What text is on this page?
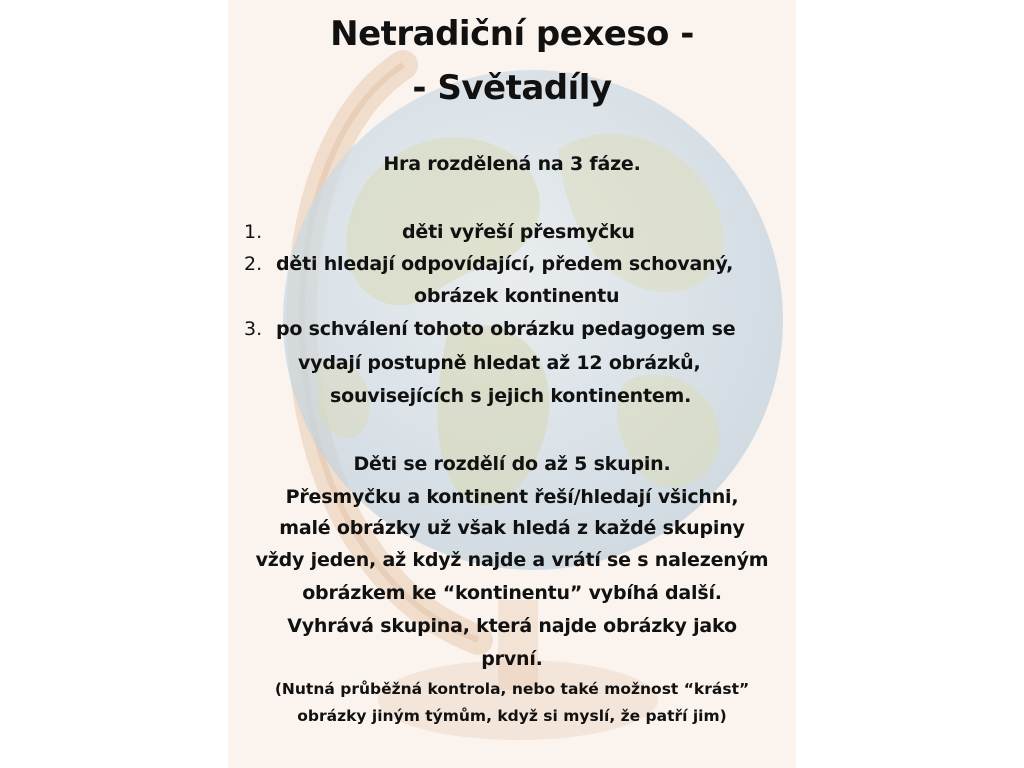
Netradiční pexeso -
- Světadíly
Hra rozdělená na 3 fáze.
1.	děti vyřeší přesmyčku
2. děti hledají odpovídající, předem schovaný,
obrázek kontinentu
3. po schválení tohoto obrázku pedagogem se
vydají postupně hledat až 12 obrázků,
souvisejících s jejich kontinentem.
Děti se rozdělí do až 5 skupin.
Přesmyčku a kontinent řeší/hledají všichni,
malé obrázky už však hledá z každé skupiny
vždy jeden, až když najde a vrátí se s nalezeným
obrázkem ke “kontinentu” vybíhá další.
Vyhrává skupina, která najde obrázky jako
první.
(Nutná průběžná kontrola, nebo také možnost “krást”
obrázky jiným týmům, když si myslí, že patří jim)
